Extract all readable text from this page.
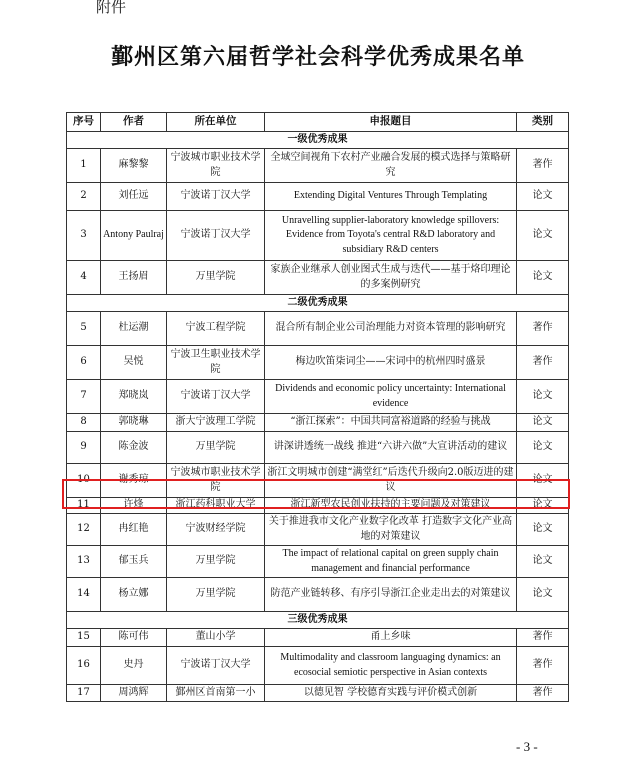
附件
鄞州区第六届哲学社会科学优秀成果名单
序号	作者	所在单位	申报题目	类别
一级优秀成果				
1	麻黎黎	宁波城市职业技术学院	全域空间视角下农村产业融合发展的模式选择与策略研究	著作
2	刘任远	宁波诺丁汉大学	Extending Digital Ventures Through Templating	论文
3	Antony Paulraj	宁波诺丁汉大学	Unravelling supplier-laboratory knowledge spillovers: Evidence from Toyota's central R&D laboratory and subsidiary R&D centers	论文
4	王扬眉	万里学院	家族企业继承人创业图式生成与迭代——基于烙印理论的多案例研究	论文
二级优秀成果				
5	杜运潮	宁波工程学院	混合所有制企业公司治理能力对资本管理的影响研究	著作
6	吴悦	宁波卫生职业技术学院	梅边吹笛柒词尘——宋词中的杭州四时盛景	著作
7	郑晓岚	宁波诺丁汉大学	Dividends and economic policy uncertainty: International evidence	论文
8	郭晓琳	浙大宁波理工学院	“浙江探索”：中国共同富裕道路的经验与挑战	论文
9	陈金波	万里学院	讲深讲透统一战线 推进“六讲六做”大宣讲活动的建议	论文
10	谢秀琼	宁波城市职业技术学院	浙江文明城市创建“满堂红”后迭代升级向2.0版迈进的建议	论文
11	许烽	浙江药科职业大学	浙江新型农民创业扶持的主要问题及对策建议	论文
12	冉红艳	宁波财经学院	关于推进我市文化产业数字化改革 打造数字文化产业高地的对策建议	论文
13	郁玉兵	万里学院	The impact of relational capital on green supply chain management and financial performance	论文
14	杨立娜	万里学院	防范产业链转移、有序引导浙江企业走出去的对策建议	论文
三级优秀成果				
15	陈可伟	董山小学	甬上乡味	著作
16	史丹	宁波诺丁汉大学	Multimodality and classroom languaging dynamics: an ecosocial semiotic perspective in Asian contexts	著作
17	周鸿辉	鄞州区首南第一小	以德见智 学校德育实践与评价模式创新	著作
- 3 -
